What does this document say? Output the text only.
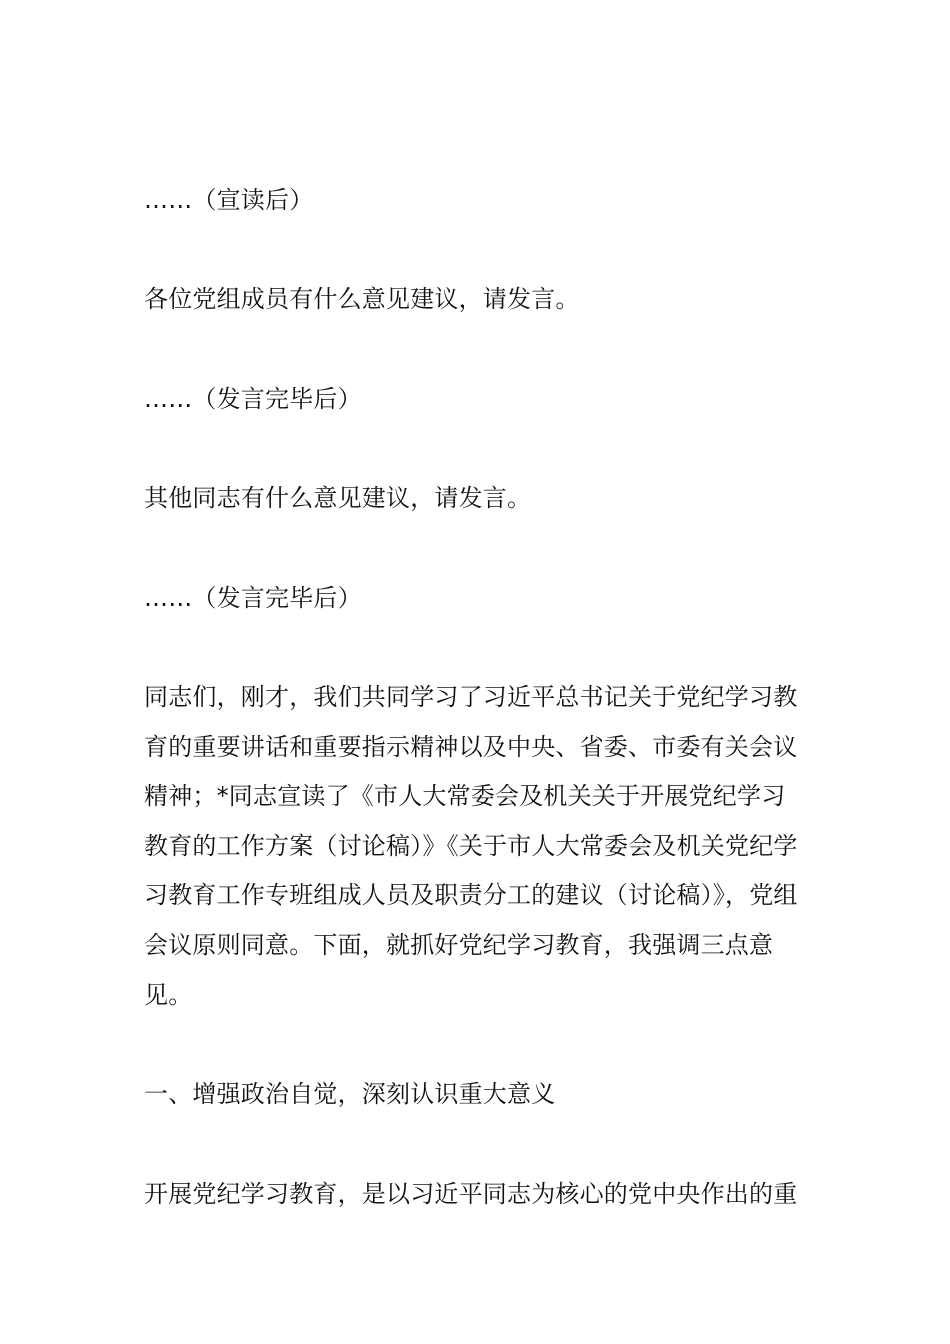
……（宣读后）

各位党组成员有什么意见建议，请发言。

……（发言完毕后）

其他同志有什么意见建议，请发言。

……（发言完毕后）

同志们，刚才，我们共同学习了习近平总书记关于党纪学习教育的重要讲话和重要指示精神以及中央、省委、市委有关会议精神；*同志宣读了《市人大常委会及机关关于开展党纪学习教育的工作方案（讨论稿）》《关于市人大常委会及机关党纪学习教育工作专班组成人员及职责分工的建议（讨论稿）》，党组会议原则同意。下面，就抓好党纪学习教育，我强调三点意见。

一、增强政治自觉，深刻认识重大意义

开展党纪学习教育，是以习近平同志为核心的党中央作出的重
